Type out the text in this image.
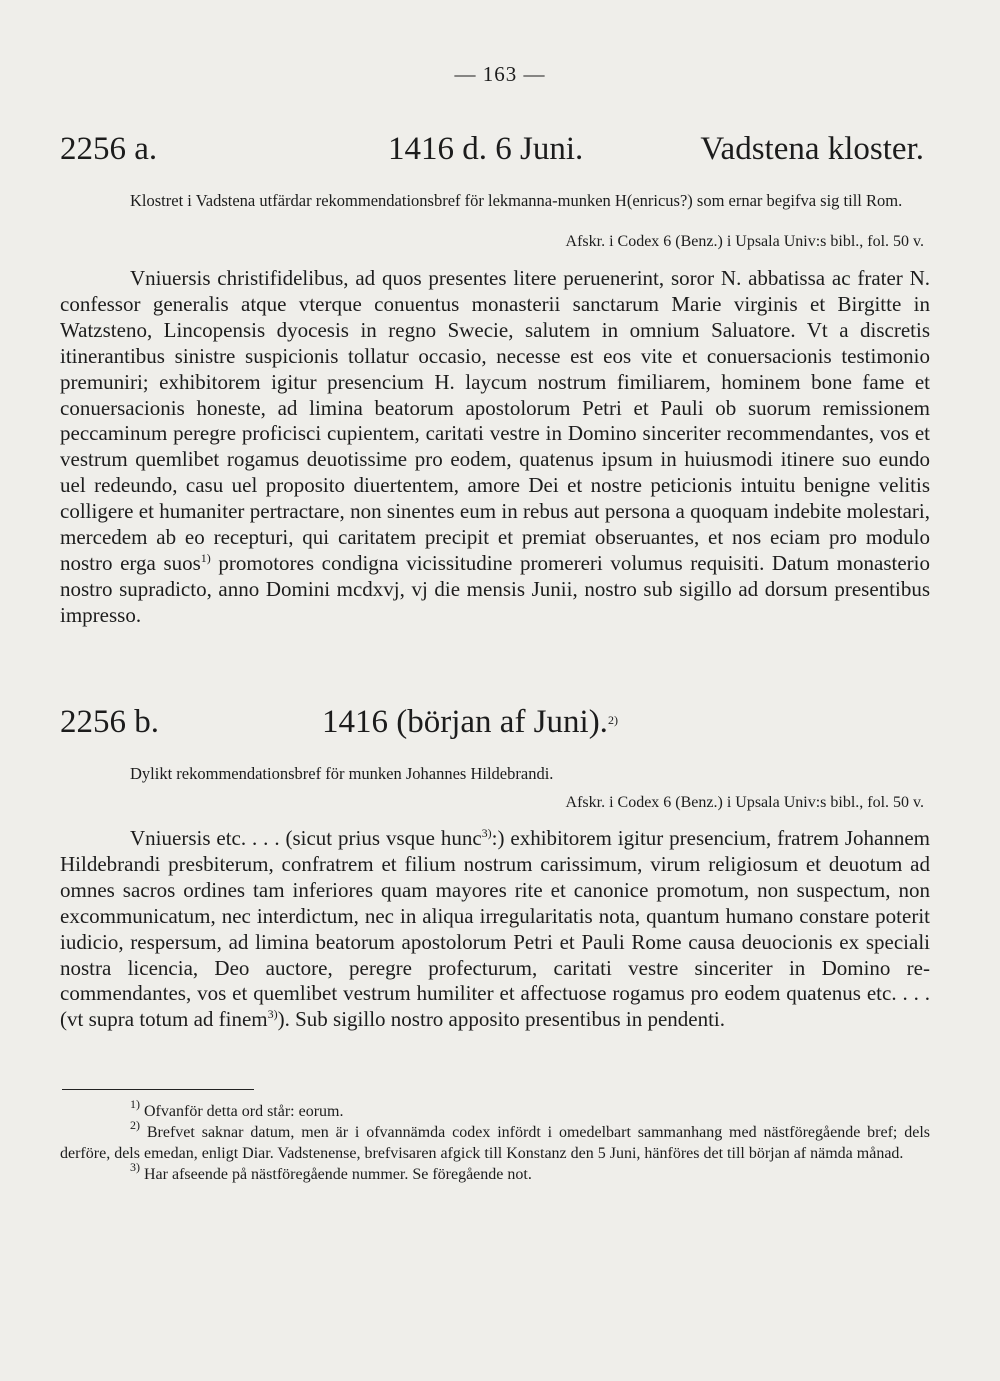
— 163 —
2256 a.	1416 d. 6 Juni.	Vadstena kloster.
Klostret i Vadstena utfärdar rekommendationsbref för lekmanna-munken H(enricus?) som ernar begifva sig till Rom.
Afskr. i Codex 6 (Benz.) i Upsala Univ:s bibl., fol. 50 v.

Vniuersis christifidelibus, ad quos presentes litere peruenerint, soror N. abbatissa ac frater N. confessor generalis atque vterque conuentus monasterii sanctarum Marie virginis et Birgitte in Watzsteno, Lincopensis dyocesis in regno Swecie, salutem in omnium Saluatore. Vt a discretis itinerantibus sinistre suspicionis tollatur occasio, necesse est eos vite et conuersacionis testimonio premuniri; exhibitorem igitur presencium H. laycum nostrum fimiliarem, hominem bone fame et conuersacionis honeste, ad limina beatorum apostolorum Petri et Pauli ob suorum remissionem peccaminum peregre proficisci cupientem, caritati vestre in Domino sinceriter recommendantes, vos et vestrum quemlibet rogamus deuotissime pro eodem, quatenus ipsum in huiusmodi itinere suo eundo uel redeundo, casu uel proposito diuertentem, amore Dei et nostre peticionis intuitu benigne velitis colligere et humaniter pertractare, non sinentes eum in rebus aut persona a quoquam indebite molestari, mercedem ab eo recepturi, qui caritatem precipit et premiat obseruantes, et nos eciam pro modulo nostro erga suos$^{1)}$ promotores condigna vicissitudine promereri volumus requisiti. Datum monasterio nostro supradicto, anno Domini mcdxvj, vj die mensis Junii, nostro sub sigillo ad dorsum presentibus impresso.

2256 b.	1416 (början af Juni).$^{2)}$
Dylikt rekommendationsbref för munken Johannes Hildebrandi.
Afskr. i Codex 6 (Benz.) i Upsala Univ:s bibl., fol. 50 v.

Vniuersis etc. . . . (sicut prius vsque hunc$^{3)}$:) exhibitorem igitur presencium, fratrem Johannem Hildebrandi presbiterum, confratrem et filium nostrum carissimum, virum religiosum et deuotum ad omnes sacros ordines tam inferiores quam mayores rite et canonice promotum, non suspectum, non excommunicatum, nec interdictum, nec in aliqua irregularitatis nota, quantum humano constare poterit iudicio, respersum, ad limina beatorum apostolorum Petri et Pauli Rome causa deuocionis ex speciali nostra licencia, Deo auctore, peregre profecturum, caritati vestre sinceriter in Domino recommendantes, vos et quemlibet vestrum humiliter et affectuose rogamus pro eodem quatenus etc. . . . (vt supra totum ad finem$^{3)}$). Sub sigillo nostro apposito presentibus in pendenti.

$^{1)}$ Ofvanför detta ord står: eorum.
$^{2)}$ Brefvet saknar datum, men är i ofvannämda codex infördt i omedelbart sammanhang med nästföregående bref; dels derföre, dels emedan, enligt Diar. Vadstenense, brefvisaren afgick till Konstanz den 5 Juni, hänföres det till början af nämda månad.
$^{3)}$ Har afseende på nästföregående nummer. Se föregående not.
